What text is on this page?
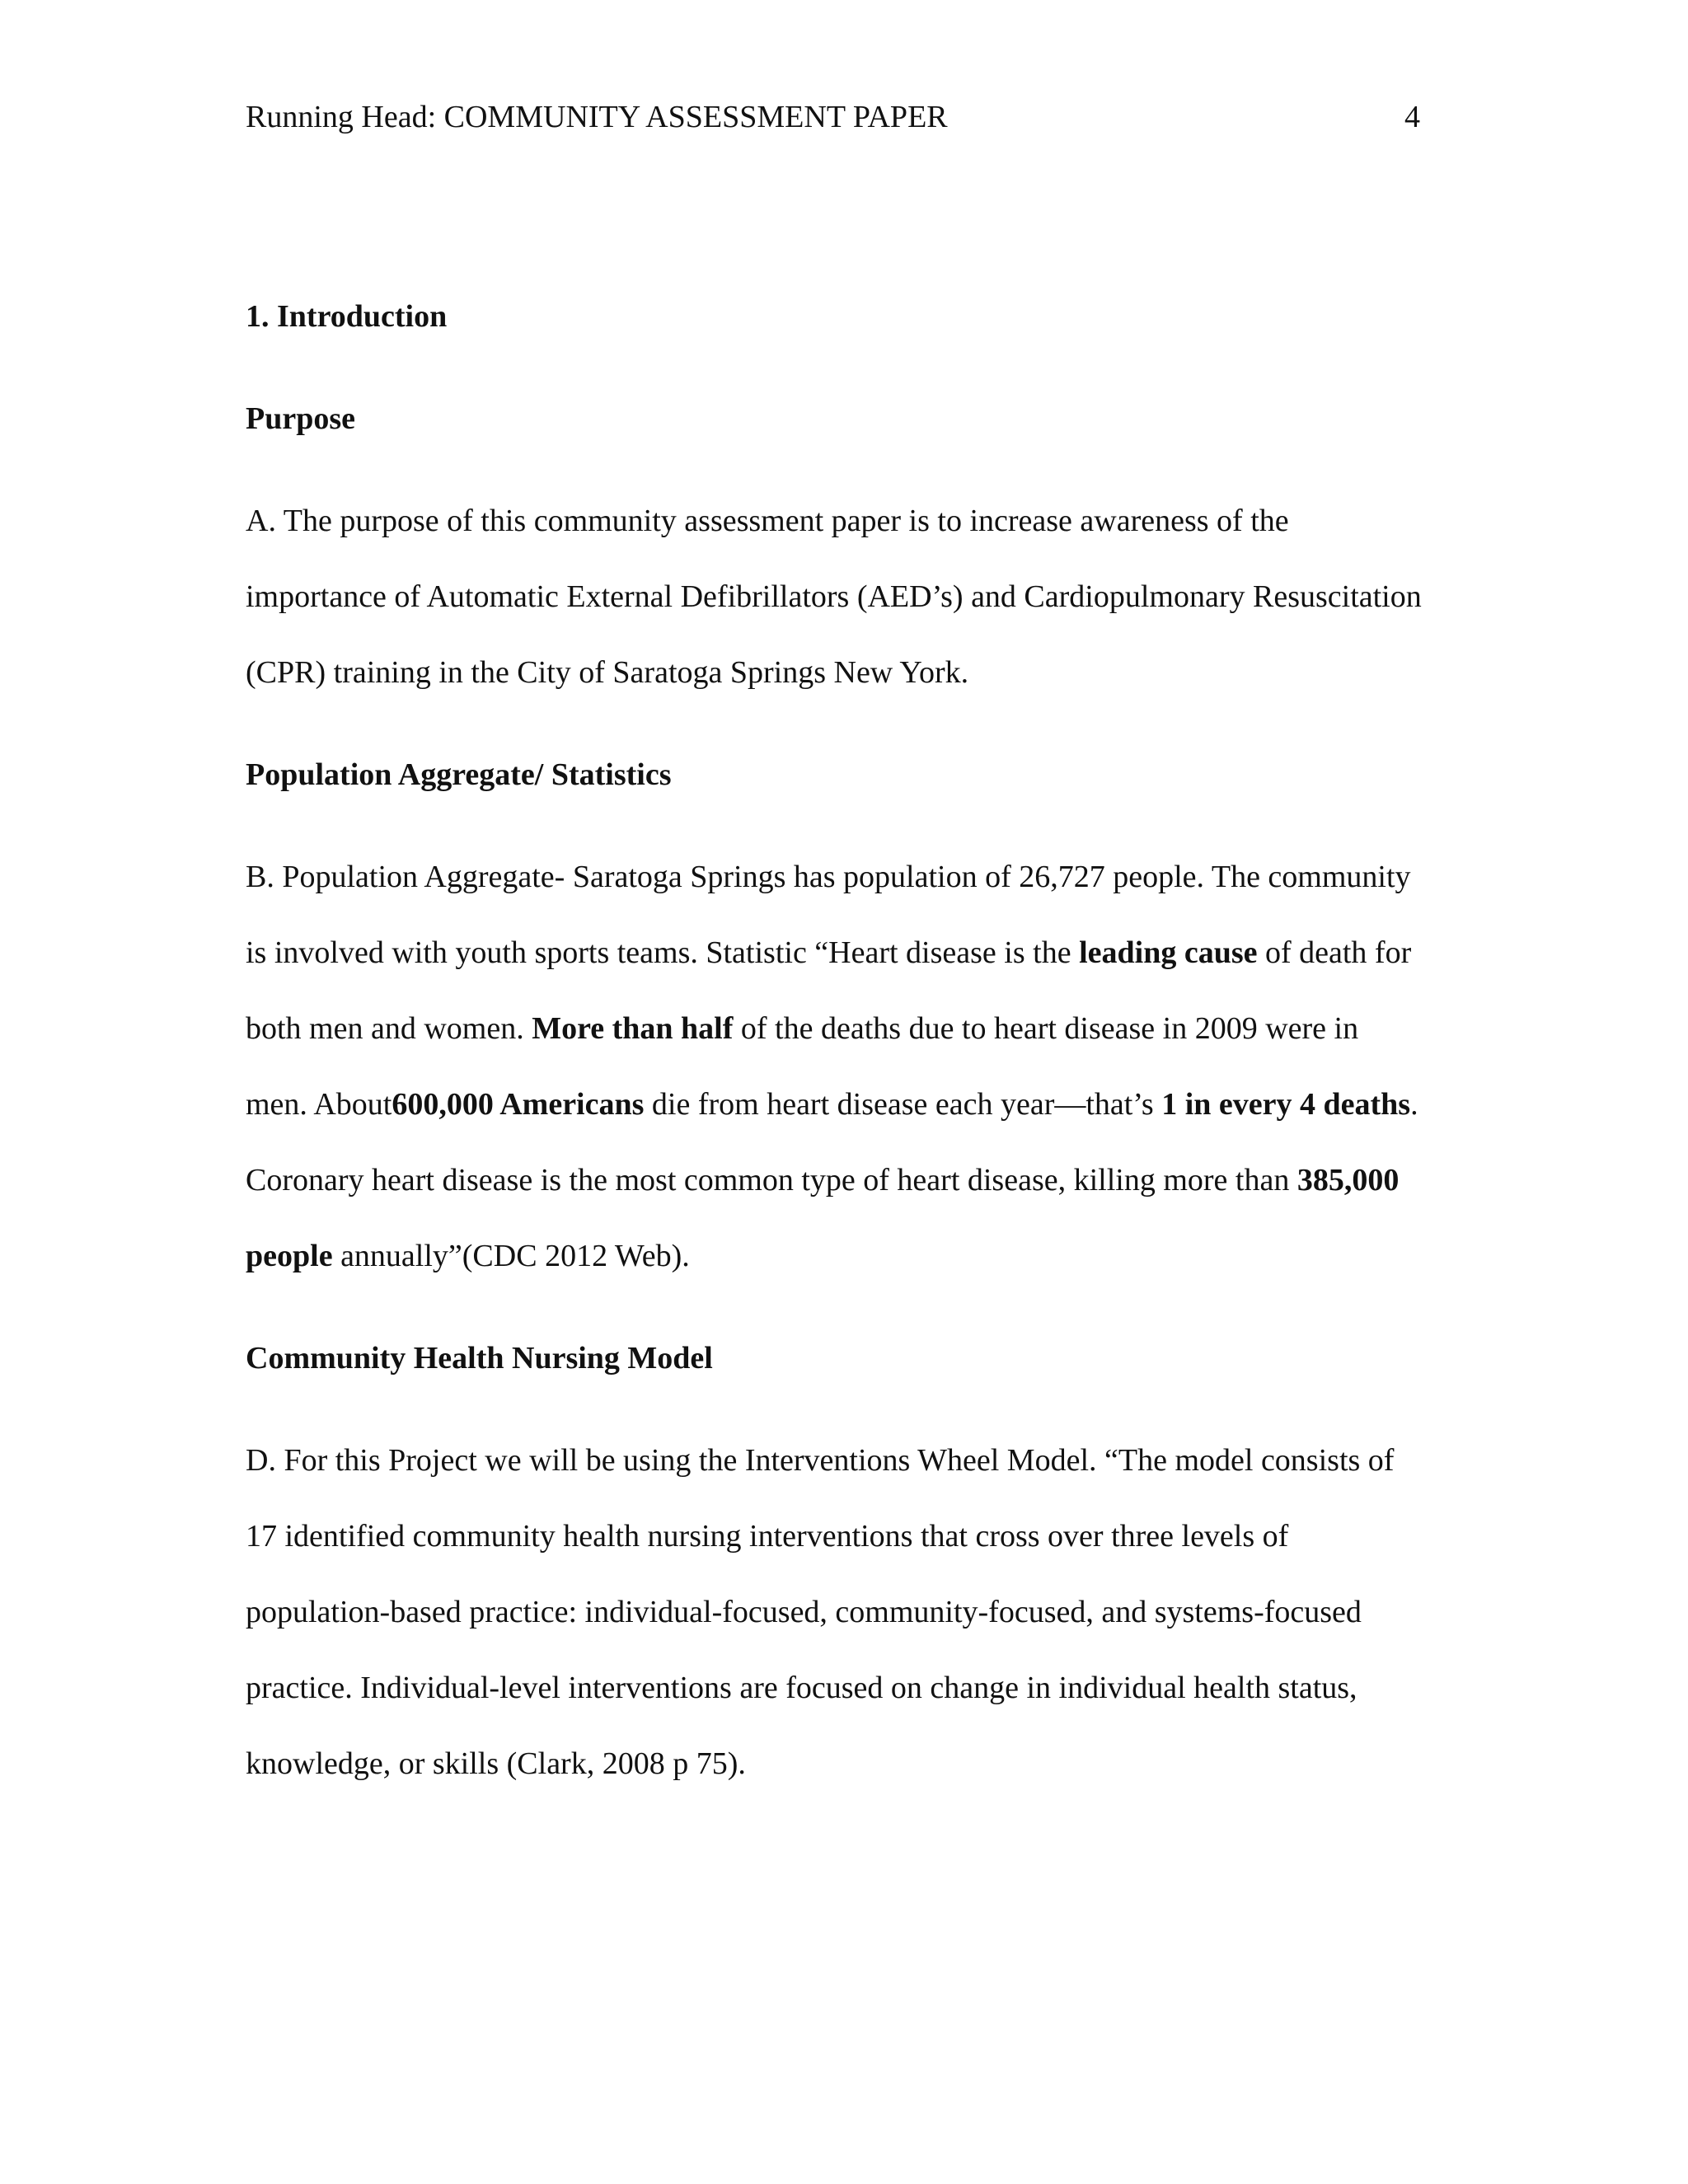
Running Head: COMMUNITY ASSESSMENT PAPER	4
1. Introduction
Purpose
A. The purpose of this community assessment paper is to increase awareness of the importance of Automatic External Defibrillators (AED’s) and Cardiopulmonary Resuscitation (CPR) training in the City of Saratoga Springs New York.
Population Aggregate/ Statistics
B. Population Aggregate- Saratoga Springs has population of 26,727 people. The community is involved with youth sports teams. Statistic “Heart disease is the leading cause of death for both men and women. More than half of the deaths due to heart disease in 2009 were in men. About600,000 Americans die from heart disease each year—that’s 1 in every 4 deaths. Coronary heart disease is the most common type of heart disease, killing more than 385,000 people annually”(CDC 2012 Web).
Community Health Nursing Model
D. For this Project we will be using the Interventions Wheel Model. “The model consists of 17 identified community health nursing interventions that cross over three levels of population-based practice: individual-focused, community-focused, and systems-focused practice. Individual-level interventions are focused on change in individual health status, knowledge, or skills (Clark, 2008 p 75).
